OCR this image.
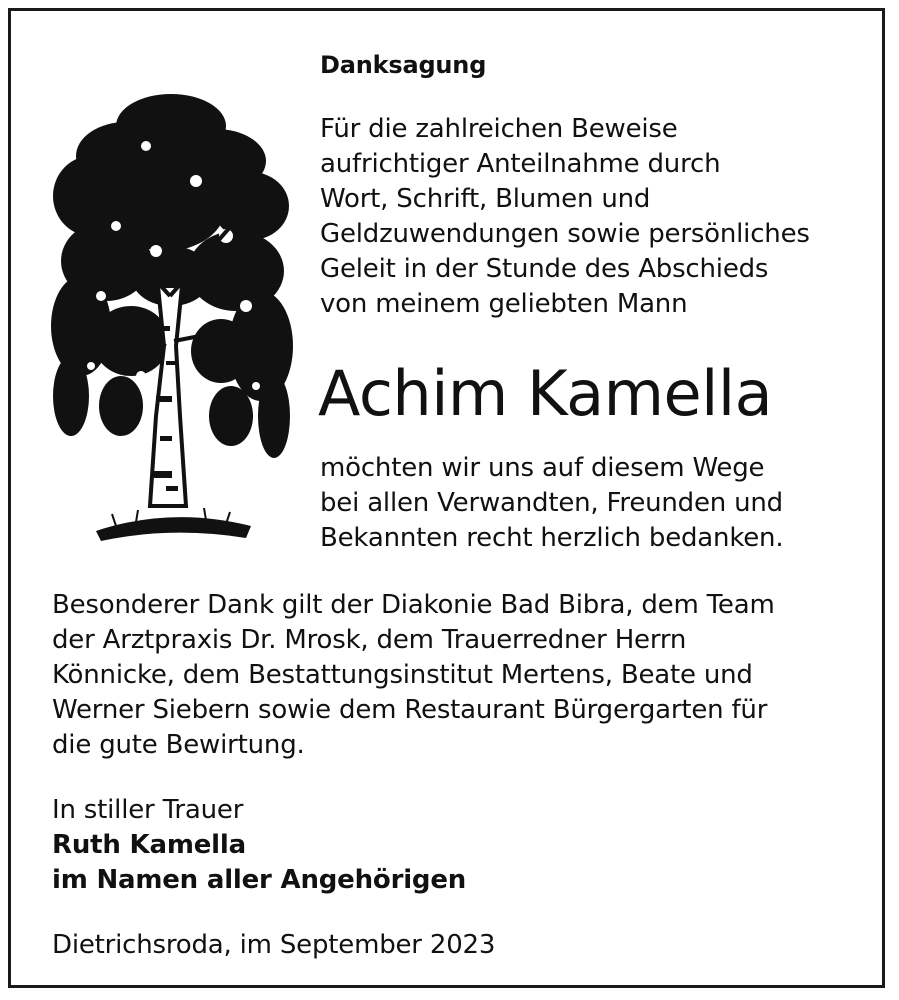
Danksagung
Für die zahlreichen Beweise
aufrichtiger Anteilnahme durch
Wort, Schrift, Blumen und
Geldzuwendungen sowie persönliches
Geleit in der Stunde des Abschieds
von meinem geliebten Mann
Achim Kamella
möchten wir uns auf diesem Wege
bei allen Verwandten, Freunden und
Bekannten recht herzlich bedanken.
Besonderer Dank gilt der Diakonie Bad Bibra, dem Team
der Arztpraxis Dr. Mrosk, dem Trauerredner Herrn
Könnicke, dem Bestattungsinstitut Mertens, Beate und
Werner Siebern sowie dem Restaurant Bürgergarten für
die gute Bewirtung.
In stiller Trauer
Ruth Kamella
im Namen aller Angehörigen
Dietrichsroda, im September 2023
